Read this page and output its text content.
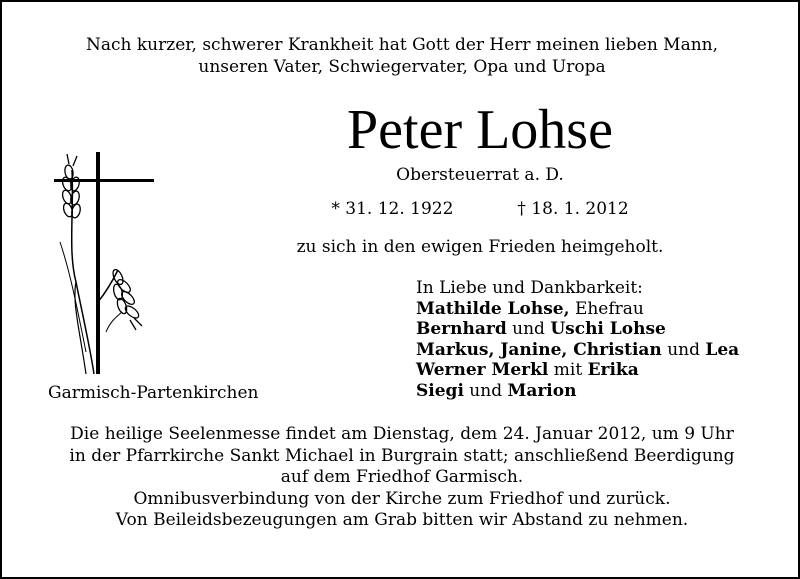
Nach kurzer, schwerer Krankheit hat Gott der Herr meinen lieben Mann,
unseren Vater, Schwiegervater, Opa und Uropa
Peter Lohse
Obersteuerrat a. D.
* 31. 12. 1922	† 18. 1. 2012
zu sich in den ewigen Frieden heimgeholt.
Garmisch-Partenkirchen
In Liebe und Dankbarkeit:
Mathilde Lohse, Ehefrau
Bernhard und Uschi Lohse
Markus, Janine, Christian und Lea
Werner Merkl mit Erika
Siegi und Marion
Die heilige Seelenmesse findet am Dienstag, dem 24. Januar 2012, um 9 Uhr
in der Pfarrkirche Sankt Michael in Burgrain statt; anschließend Beerdigung
auf dem Friedhof Garmisch.
Omnibusverbindung von der Kirche zum Friedhof und zurück.
Von Beileidsbezeugungen am Grab bitten wir Abstand zu nehmen.
